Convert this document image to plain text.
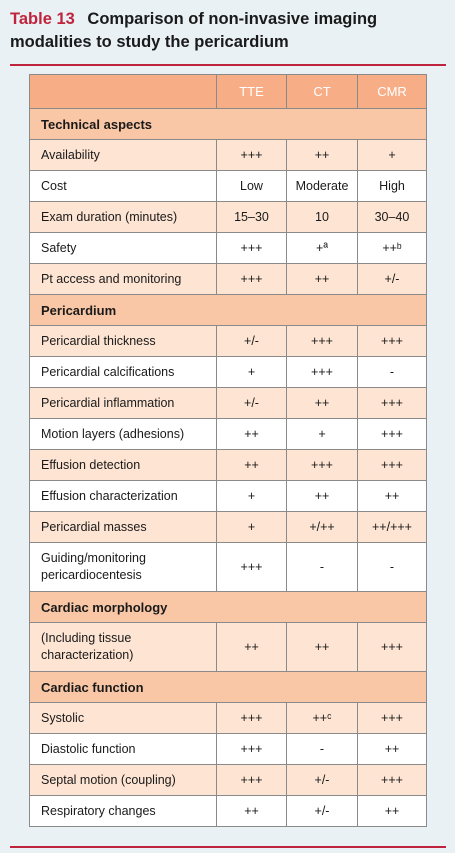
Table 13 Comparison of non-invasive imaging modalities to study the pericardium
	TTE	CT	CMR
Technical aspects			
Availability	+++	++	+
Cost	Low	Moderate	High
Exam duration (minutes)	15–30	10	30–40
Safety	+++	+ª	++ᵇ
Pt access and monitoring	+++	++	+/-
Pericardium			
Pericardial thickness	+/-	+++	+++
Pericardial calcifications	+	+++	-
Pericardial inflammation	+/-	++	+++
Motion layers (adhesions)	++	+	+++
Effusion detection	++	+++	+++
Effusion characterization	+	++	++
Pericardial masses	+	+/++	++/+++
Guiding/monitoring pericardiocentesis	+++	-	-
Cardiac morphology			
(Including tissue characterization)	++	++	+++
Cardiac function			
Systolic	+++	++ᶜ	+++
Diastolic function	+++	-	++
Septal motion (coupling)	+++	+/-	+++
Respiratory changes	++	+/-	++
